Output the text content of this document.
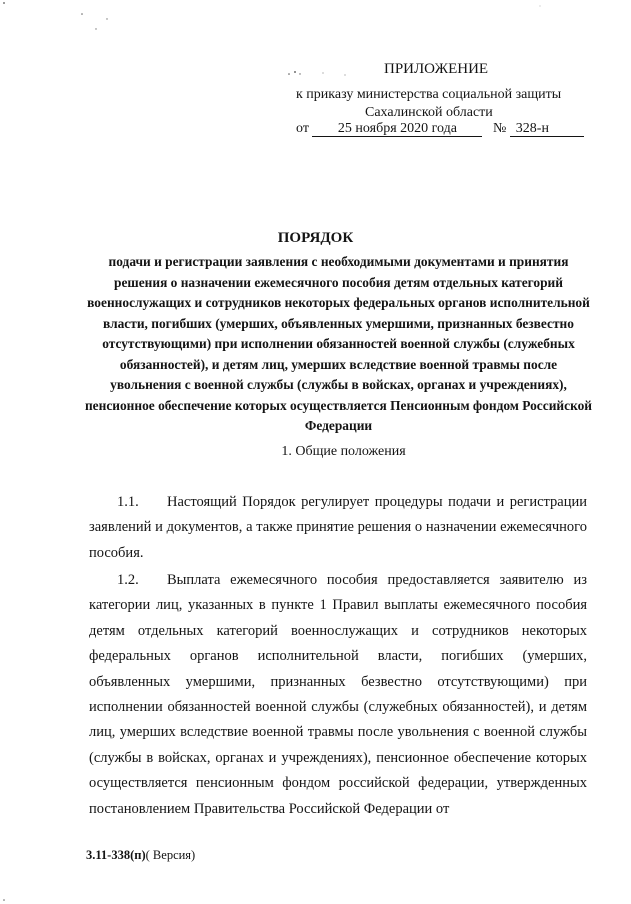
ПРИЛОЖЕНИЕ
к приказу министерства социальной защиты
Сахалинской области
от 25 ноября 2020 года	№ 328-н
ПОРЯДОК
подачи и регистрации заявления с необходимыми документами и принятия решения о назначении ежемесячного пособия детям отдельных категорий военнослужащих и сотрудников некоторых федеральных органов исполнительной власти, погибших (умерших, объявленных умершими, признанных безвестно отсутствующими) при исполнении обязанностей военной службы (служебных обязанностей), и детям лиц, умерших вследствие военной травмы после увольнения с военной службы (службы в войсках, органах и учреждениях), пенсионное обеспечение которых осуществляется Пенсионным фондом Российской Федерации
1. Общие положения

1.1. Настоящий Порядок регулирует процедуры подачи и регистрации заявлений и документов, а также принятие решения о назначении ежемесячного пособия.

1.2. Выплата ежемесячного пособия предоставляется заявителю из категории лиц, указанных в пункте 1 Правил выплаты ежемесячного пособия детям отдельных категорий военнослужащих и сотрудников некоторых федеральных органов исполнительной власти, погибших (умерших, объявленных умершими, признанных безвестно отсутствующими) при исполнении обязанностей военной службы (служебных обязанностей), и детям лиц, умерших вследствие военной травмы после увольнения с военной службы (службы в войсках, органах и учреждениях), пенсионное обеспечение которых осуществляется пенсионным фондом российской федерации, утвержденных постановлением Правительства Российской Федерации от

3.11-338(п)( Версия)
